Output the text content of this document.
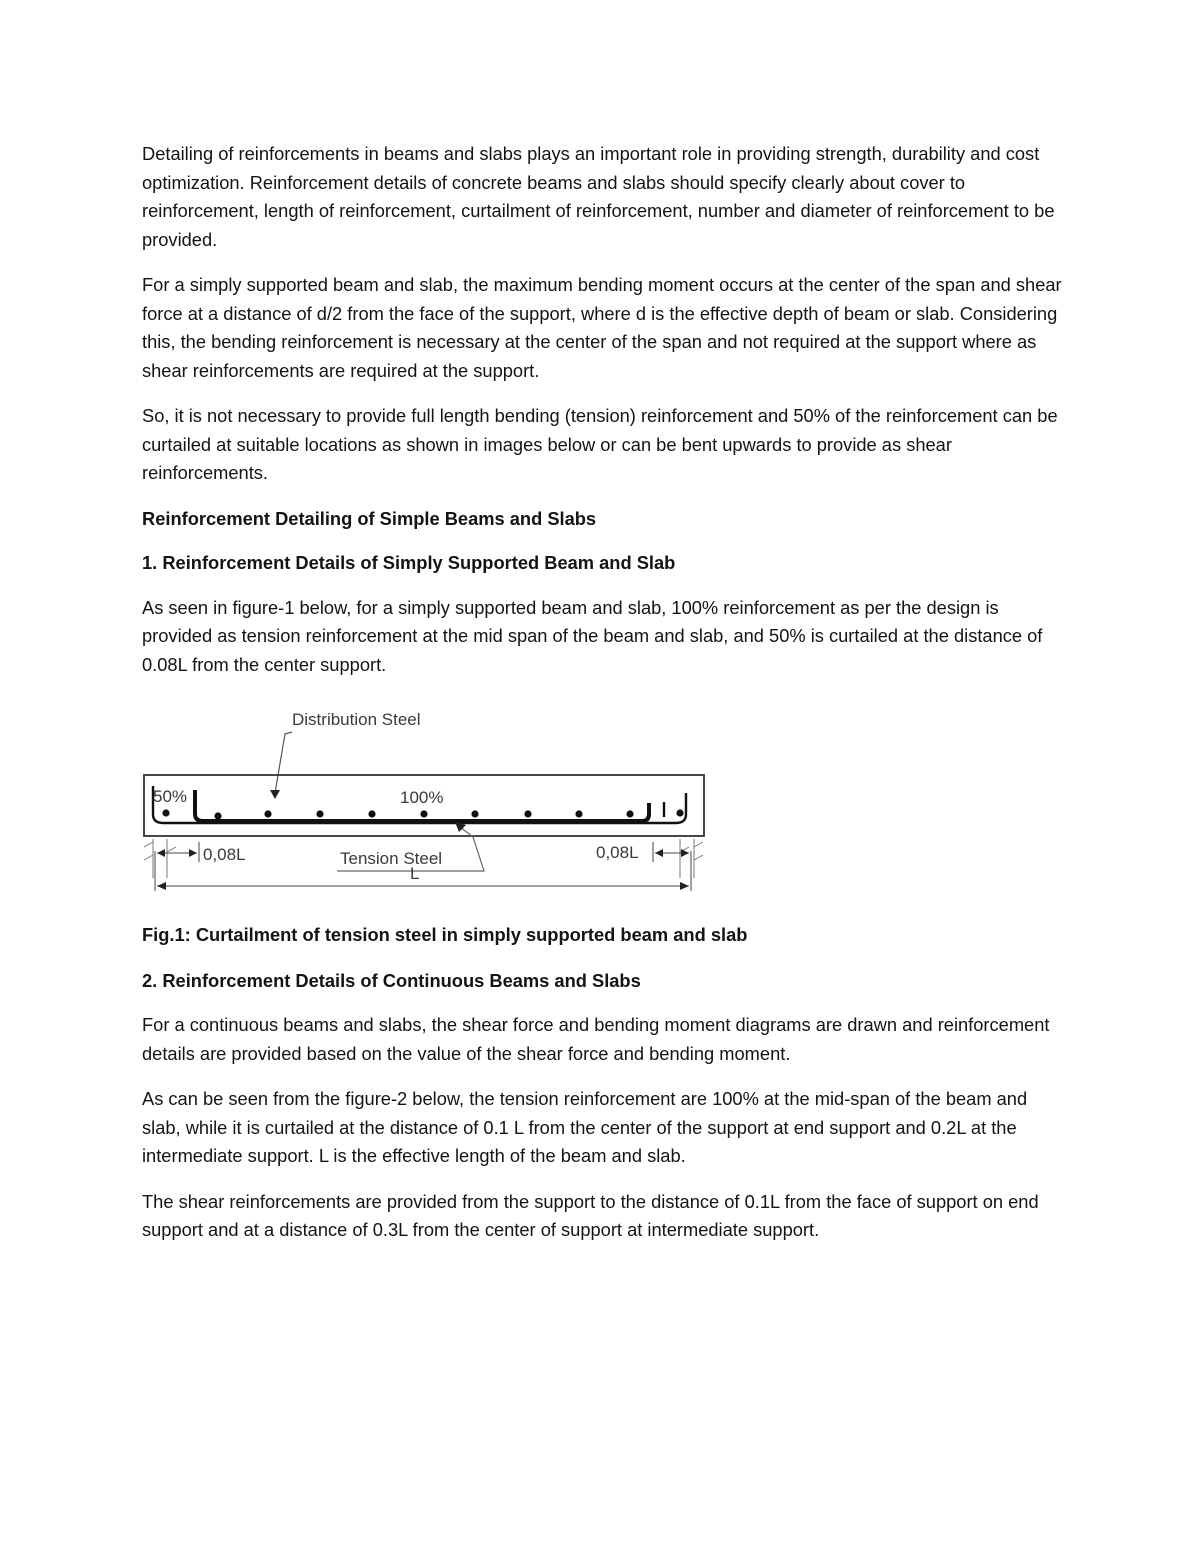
Detailing of reinforcements in beams and slabs plays an important role in providing strength, durability and cost optimization. Reinforcement details of concrete beams and slabs should specify clearly about cover to reinforcement, length of reinforcement, curtailment of reinforcement, number and diameter of reinforcement to be provided.

For a simply supported beam and slab, the maximum bending moment occurs at the center of the span and shear force at a distance of d/2 from the face of the support, where d is the effective depth of beam or slab. Considering this, the bending reinforcement is necessary at the center of the span and not required at the support where as shear reinforcements are required at the support.

So, it is not necessary to provide full length bending (tension) reinforcement and 50% of the reinforcement can be curtailed at suitable locations as shown in images below or can be bent upwards to provide as shear reinforcements.

Reinforcement Detailing of Simple Beams and Slabs

1. Reinforcement Details of Simply Supported Beam and Slab

As seen in figure-1 below, for a simply supported beam and slab, 100% reinforcement as per the design is provided as tension reinforcement at the mid span of the beam and slab, and 50% is curtailed at the distance of 0.08L from the center support.

Distribution Steel
50%	100%
Tension Steel
0,08L	0,08L
L

Fig.1: Curtailment of tension steel in simply supported beam and slab

2. Reinforcement Details of Continuous Beams and Slabs

For a continuous beams and slabs, the shear force and bending moment diagrams are drawn and reinforcement details are provided based on the value of the shear force and bending moment.

As can be seen from the figure-2 below, the tension reinforcement are 100% at the mid-span of the beam and slab, while it is curtailed at the distance of 0.1 L from the center of the support at end support and 0.2L at the intermediate support. L is the effective length of the beam and slab.

The shear reinforcements are provided from the support to the distance of 0.1L from the face of support on end support and at a distance of 0.3L from the center of support at intermediate support.
